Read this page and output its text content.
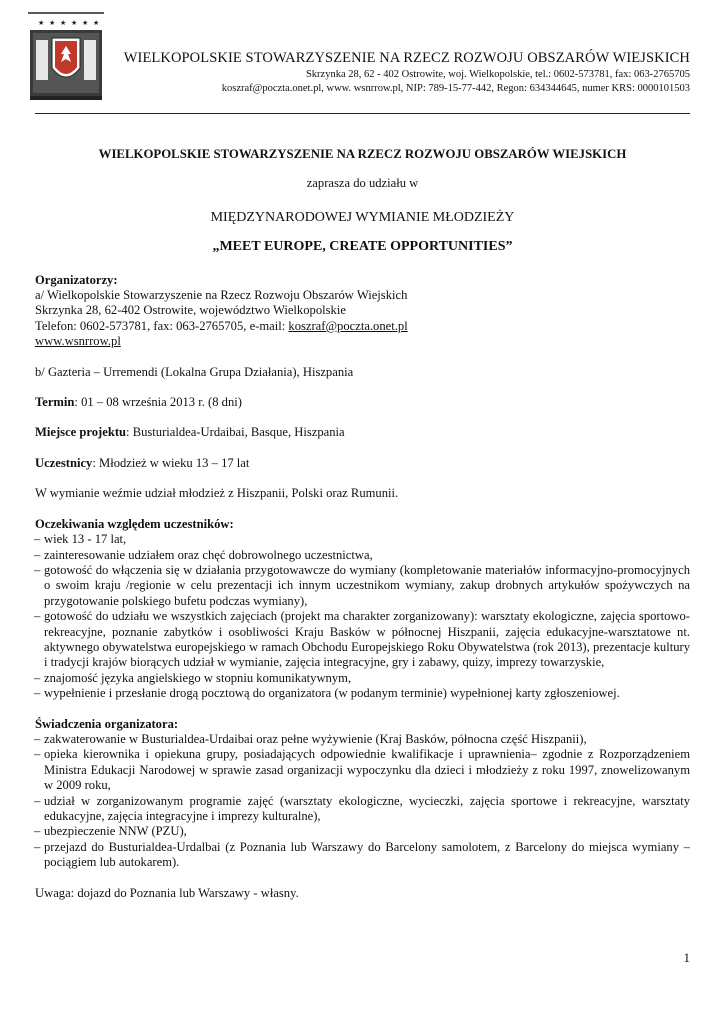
★ ★ ★ ★ ★ ★
WIELKOPOLSKIE STOWARZYSZENIE NA RZECZ ROZWOJU OBSZARÓW WIEJSKICH
Skrzynka 28, 62 - 402 Ostrowite, woj. Wielkopolskie, tel.: 0602-573781, fax: 063-2765705
koszraf@poczta.onet.pl, www. wsnrrow.pl, NIP: 789-15-77-442, Regon: 634344645, numer KRS: 0000101503

WIELKOPOLSKIE STOWARZYSZENIE NA RZECZ ROZWOJU OBSZARÓW WIEJSKICH

zaprasza do udziału w

MIĘDZYNARODOWEJ WYMIANIE MŁODZIEŻY

„MEET EUROPE, CREATE OPPORTUNITIES”

Organizatorzy:

a/ Wielkopolskie Stowarzyszenie na Rzecz Rozwoju Obszarów Wiejskich

Skrzynka 28, 62-402 Ostrowite, województwo Wielkopolskie

Telefon: 0602-573781, fax: 063-2765705, e-mail: koszraf@poczta.onet.pl

www.wsnrrow.pl

b/ Gazteria – Urremendi (Lokalna Grupa Działania), Hiszpania

Termin: 01 – 08 września 2013 r. (8 dni)

Miejsce projektu: Busturialdea-Urdaibai, Basque, Hiszpania

Uczestnicy: Młodzież w wieku 13 – 17 lat

W wymianie weźmie udział młodzież z Hiszpanii, Polski oraz Rumunii.

Oczekiwania względem uczestników:

– wiek 13 - 17 lat,
– zainteresowanie udziałem oraz chęć dobrowolnego uczestnictwa,
– gotowość do włączenia się w działania przygotowawcze do wymiany (kompletowanie materiałów informacyjno-promocyjnych o swoim kraju /regionie w celu prezentacji ich innym uczestnikom wymiany, zakup drobnych artykułów spożywczych na przygotowanie polskiego bufetu podczas wymiany),
– gotowość do udziału we wszystkich zajęciach (projekt ma charakter zorganizowany): warsztaty ekologiczne, zajęcia sportowo-rekreacyjne, poznanie zabytków i osobliwości Kraju Basków w północnej Hiszpanii, zajęcia edukacyjne-warsztatowe nt. aktywnego obywatelstwa europejskiego w ramach Obchodu Europejskiego Roku Obywatelstwa (rok 2013), prezentacje kultury i tradycji krajów biorących udział w wymianie, zajęcia integracyjne, gry i zabawy, quizy, imprezy towarzyskie,
– znajomość języka angielskiego w stopniu komunikatywnym,
– wypełnienie i przesłanie drogą pocztową do organizatora (w podanym terminie) wypełnionej karty zgłoszeniowej.

Świadczenia organizatora:

– zakwaterowanie w Busturialdea-Urdaibai oraz pełne wyżywienie (Kraj Basków, północna część Hiszpanii),
– opieka kierownika i opiekuna grupy, posiadających odpowiednie kwalifikacje i uprawnienia– zgodnie z Rozporządzeniem Ministra Edukacji Narodowej w sprawie zasad organizacji wypoczynku dla dzieci i młodzieży z roku 1997, znowelizowanym w 2009 roku,
– udział w zorganizowanym programie zajęć (warsztaty ekologiczne, wycieczki, zajęcia sportowe i rekreacyjne, warsztaty edukacyjne, zajęcia integracyjne i imprezy kulturalne),
– ubezpieczenie NNW (PZU),
– przejazd do Busturialdea-Urdalbai (z Poznania lub Warszawy do Barcelony samolotem, z Barcelony do miejsca wymiany – pociągiem lub autokarem).

Uwaga: dojazd do Poznania lub Warszawy - własny.

1
